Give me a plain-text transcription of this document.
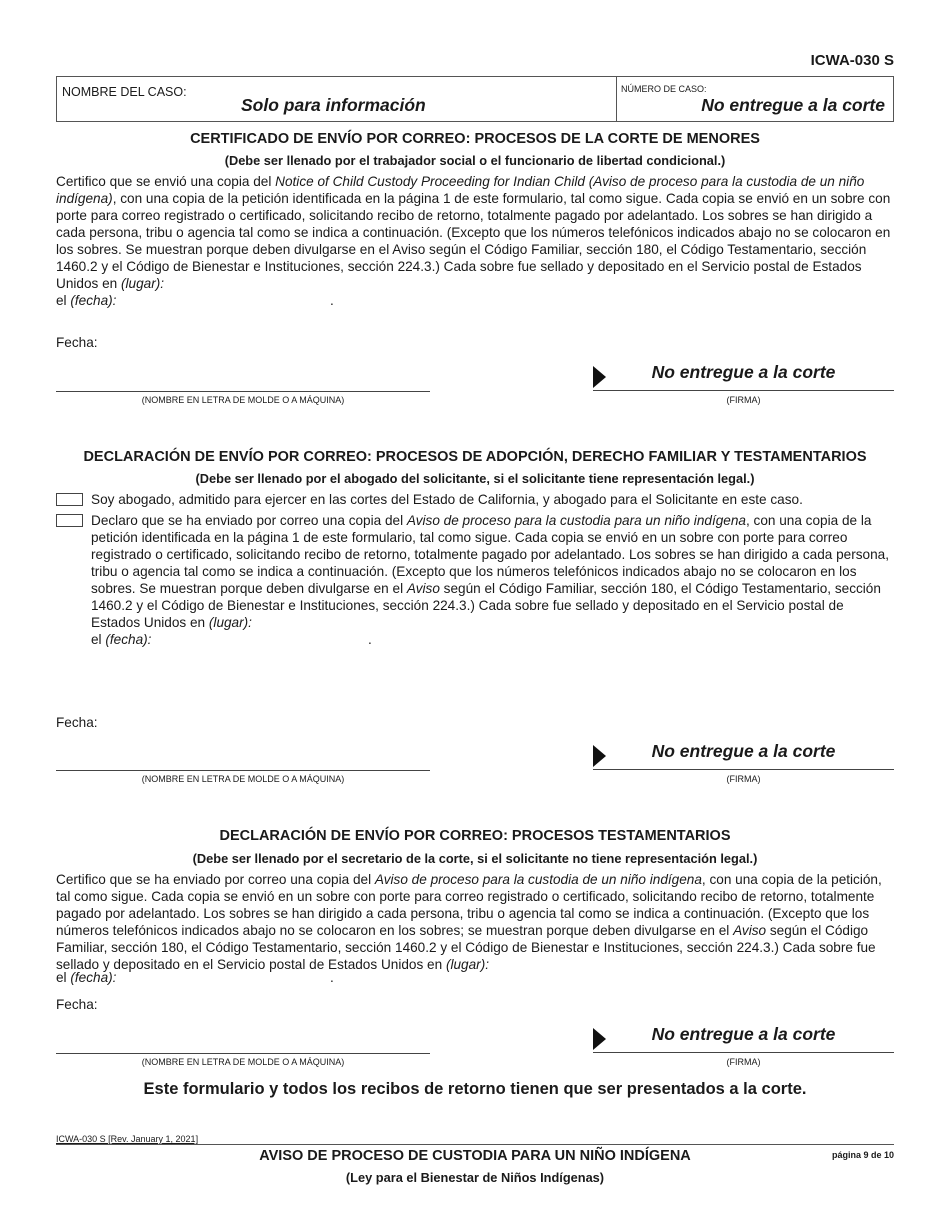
ICWA-030 S
NOMBRE DEL CASO:
Solo para información
NÚMERO DE CASO:
No entregue a la corte
CERTIFICADO DE ENVÍO POR CORREO: PROCESOS DE LA CORTE DE MENORES
(Debe ser llenado por el trabajador social o el funcionario de libertad condicional.)
Certifico que se envió una copia del Notice of Child Custody Proceeding for Indian Child (Aviso de proceso para la custodia de un niño indígena), con una copia de la petición identificada en la página 1 de este formulario, tal como sigue. Cada copia se envió en un sobre con porte para correo registrado o certificado, solicitando recibo de retorno, totalmente pagado por adelantado. Los sobres se han dirigido a cada persona, tribu o agencia tal como se indica a continuación. (Excepto que los números telefónicos indicados abajo no se colocaron en los sobres. Se muestran porque deben divulgarse en el Aviso según el Código Familiar, sección 180, el Código Testamentario, sección 1460.2 y el Código de Bienestar e Instituciones, sección 224.3.) Cada sobre fue sellado y depositado en el Servicio postal de Estados Unidos en (lugar):
el (fecha):	.
Fecha:
(NOMBRE EN LETRA DE MOLDE O A MÁQUINA)
No entregue a la corte
(FIRMA)
DECLARACIÓN DE ENVÍO POR CORREO: PROCESOS DE ADOPCIÓN, DERECHO FAMILIAR Y TESTAMENTARIOS
(Debe ser llenado por el abogado del solicitante, si el solicitante tiene representación legal.)
Soy abogado, admitido para ejercer en las cortes del Estado de California, y abogado para el Solicitante en este caso.
Declaro que se ha enviado por correo una copia del Aviso de proceso para la custodia para un niño indígena, con una copia de la petición identificada en la página 1 de este formulario, tal como sigue. Cada copia se envió en un sobre con porte para correo registrado o certificado, solicitando recibo de retorno, totalmente pagado por adelantado. Los sobres se han dirigido a cada persona, tribu o agencia tal como se indica a continuación. (Excepto que los números telefónicos indicados abajo no se colocaron en los sobres. Se muestran porque deben divulgarse en el Aviso según el Código Familiar, sección 180, el Código Testamentario, sección 1460.2 y el Código de Bienestar e Instituciones, sección 224.3.) Cada sobre fue sellado y depositado en el Servicio postal de Estados Unidos en (lugar):
el (fecha):	.
Fecha:
(NOMBRE EN LETRA DE MOLDE O A MÁQUINA)
No entregue a la corte
(FIRMA)
DECLARACIÓN DE ENVÍO POR CORREO: PROCESOS TESTAMENTARIOS
(Debe ser llenado por el secretario de la corte, si el solicitante no tiene representación legal.)
Certifico que se ha enviado por correo una copia del Aviso de proceso para la custodia de un niño indígena, con una copia de la petición, tal como sigue. Cada copia se envió en un sobre con porte para correo registrado o certificado, solicitando recibo de retorno, totalmente pagado por adelantado. Los sobres se han dirigido a cada persona, tribu o agencia tal como se indica a continuación. (Excepto que los números telefónicos indicados abajo no se colocaron en los sobres; se muestran porque deben divulgarse en el Aviso según el Código Familiar, sección 180, el Código Testamentario, sección 1460.2 y el Código de Bienestar e Instituciones, sección 224.3.) Cada sobre fue sellado y depositado en el Servicio postal de Estados Unidos en (lugar):
el (fecha):	.
Fecha:
(NOMBRE EN LETRA DE MOLDE O A MÁQUINA)
No entregue a la corte
(FIRMA)
Este formulario y todos los recibos de retorno tienen que ser presentados a la corte.
ICWA-030 S [Rev. January 1, 2021]
AVISO DE PROCESO DE CUSTODIA PARA UN NIÑO INDÍGENA	página 9 de 10
(Ley para el Bienestar de Niños Indígenas)
